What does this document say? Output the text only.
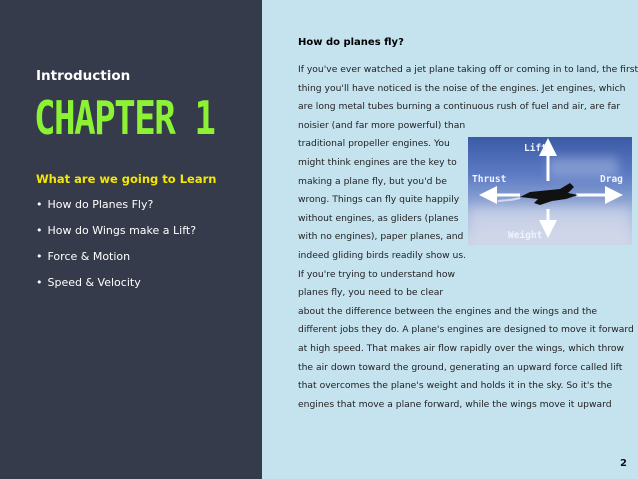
Introduction
CHAPTER 1
What are we going to Learn
• How do Planes Fly?
• How do Wings make a Lift?
• Force & Motion
• Speed & Velocity
How do planes fly?

If you've ever watched a jet plane taking off or coming in to land, the first

thing you'll have noticed is the noise of the engines. Jet engines, which

are long metal tubes burning a continuous rush of fuel and air, are far

noisier (and far more powerful) than

traditional propeller engines. You

might think engines are the key to

making a plane fly, but you'd be

wrong. Things can fly quite happily

without engines, as gliders (planes

with no engines), paper planes, and

indeed gliding birds readily show us.

If you're trying to understand how

planes fly, you need to be clear

about the difference between the engines and the wings and the

different jobs they do. A plane's engines are designed to move it forward

at high speed. That makes air flow rapidly over the wings, which throw

the air down toward the ground, generating an upward force called lift

that overcomes the plane's weight and holds it in the sky. So it's the

engines that move a plane forward, while the wings move it upward

Lift
Thrust	Drag
Weight
2
